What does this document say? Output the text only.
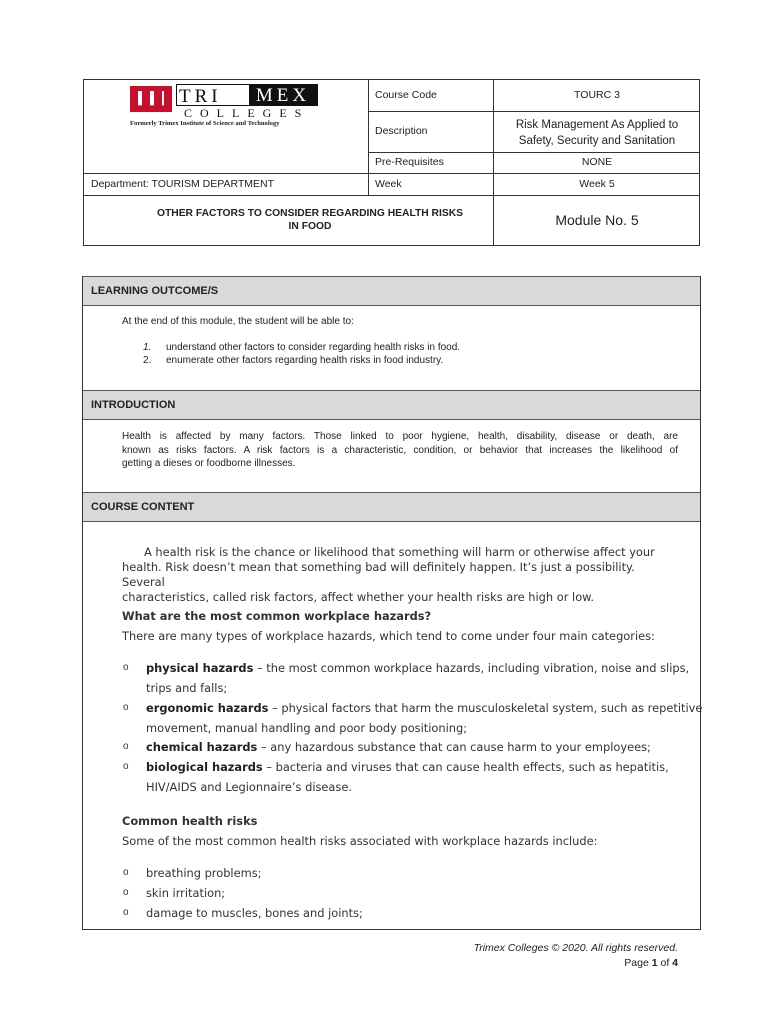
TRI	MEX
COLLEGES
Formerly Trimex Institute of Science and Technology
Course Code	TOURC 3
Description	Risk Management As Applied to
Safety, Security and Sanitation
Pre-Requisites	NONE
Department: TOURISM DEPARTMENT	Week	Week 5
OTHER FACTORS TO CONSIDER REGARDING HEALTH RISKS
IN FOOD	Module No. 5
LEARNING OUTCOME/S
At the end of this module, the student will be able to:
1. understand other factors to consider regarding health risks in food.
2. enumerate other factors regarding health risks in food industry.
INTRODUCTION
Health is affected by many factors. Those linked to poor hygiene, health, disability, disease or death, are
known as risks factors. A risk factors is a characteristic, condition, or behavior that increases the likelihood of
getting a dieses or foodborne illnesses.
COURSE CONTENT
A health risk is the chance or likelihood that something will harm or otherwise affect your
health. Risk doesn’t mean that something bad will definitely happen. It’s just a possibility. Several
characteristics, called risk factors, affect whether your health risks are high or low.
What are the most common workplace hazards?
There are many types of workplace hazards, which tend to come under four main categories:
o physical hazards – the most common workplace hazards, including vibration, noise and slips,
trips and falls;
o ergonomic hazards – physical factors that harm the musculoskeletal system, such as repetitive
movement, manual handling and poor body positioning;
o chemical hazards – any hazardous substance that can cause harm to your employees;
o biological hazards – bacteria and viruses that can cause health effects, such as hepatitis,
HIV/AIDS and Legionnaire’s disease.
Common health risks
Some of the most common health risks associated with workplace hazards include:
o breathing problems;
o skin irritation;
o damage to muscles, bones and joints;
Trimex Colleges © 2020. All rights reserved.
Page 1 of 4
